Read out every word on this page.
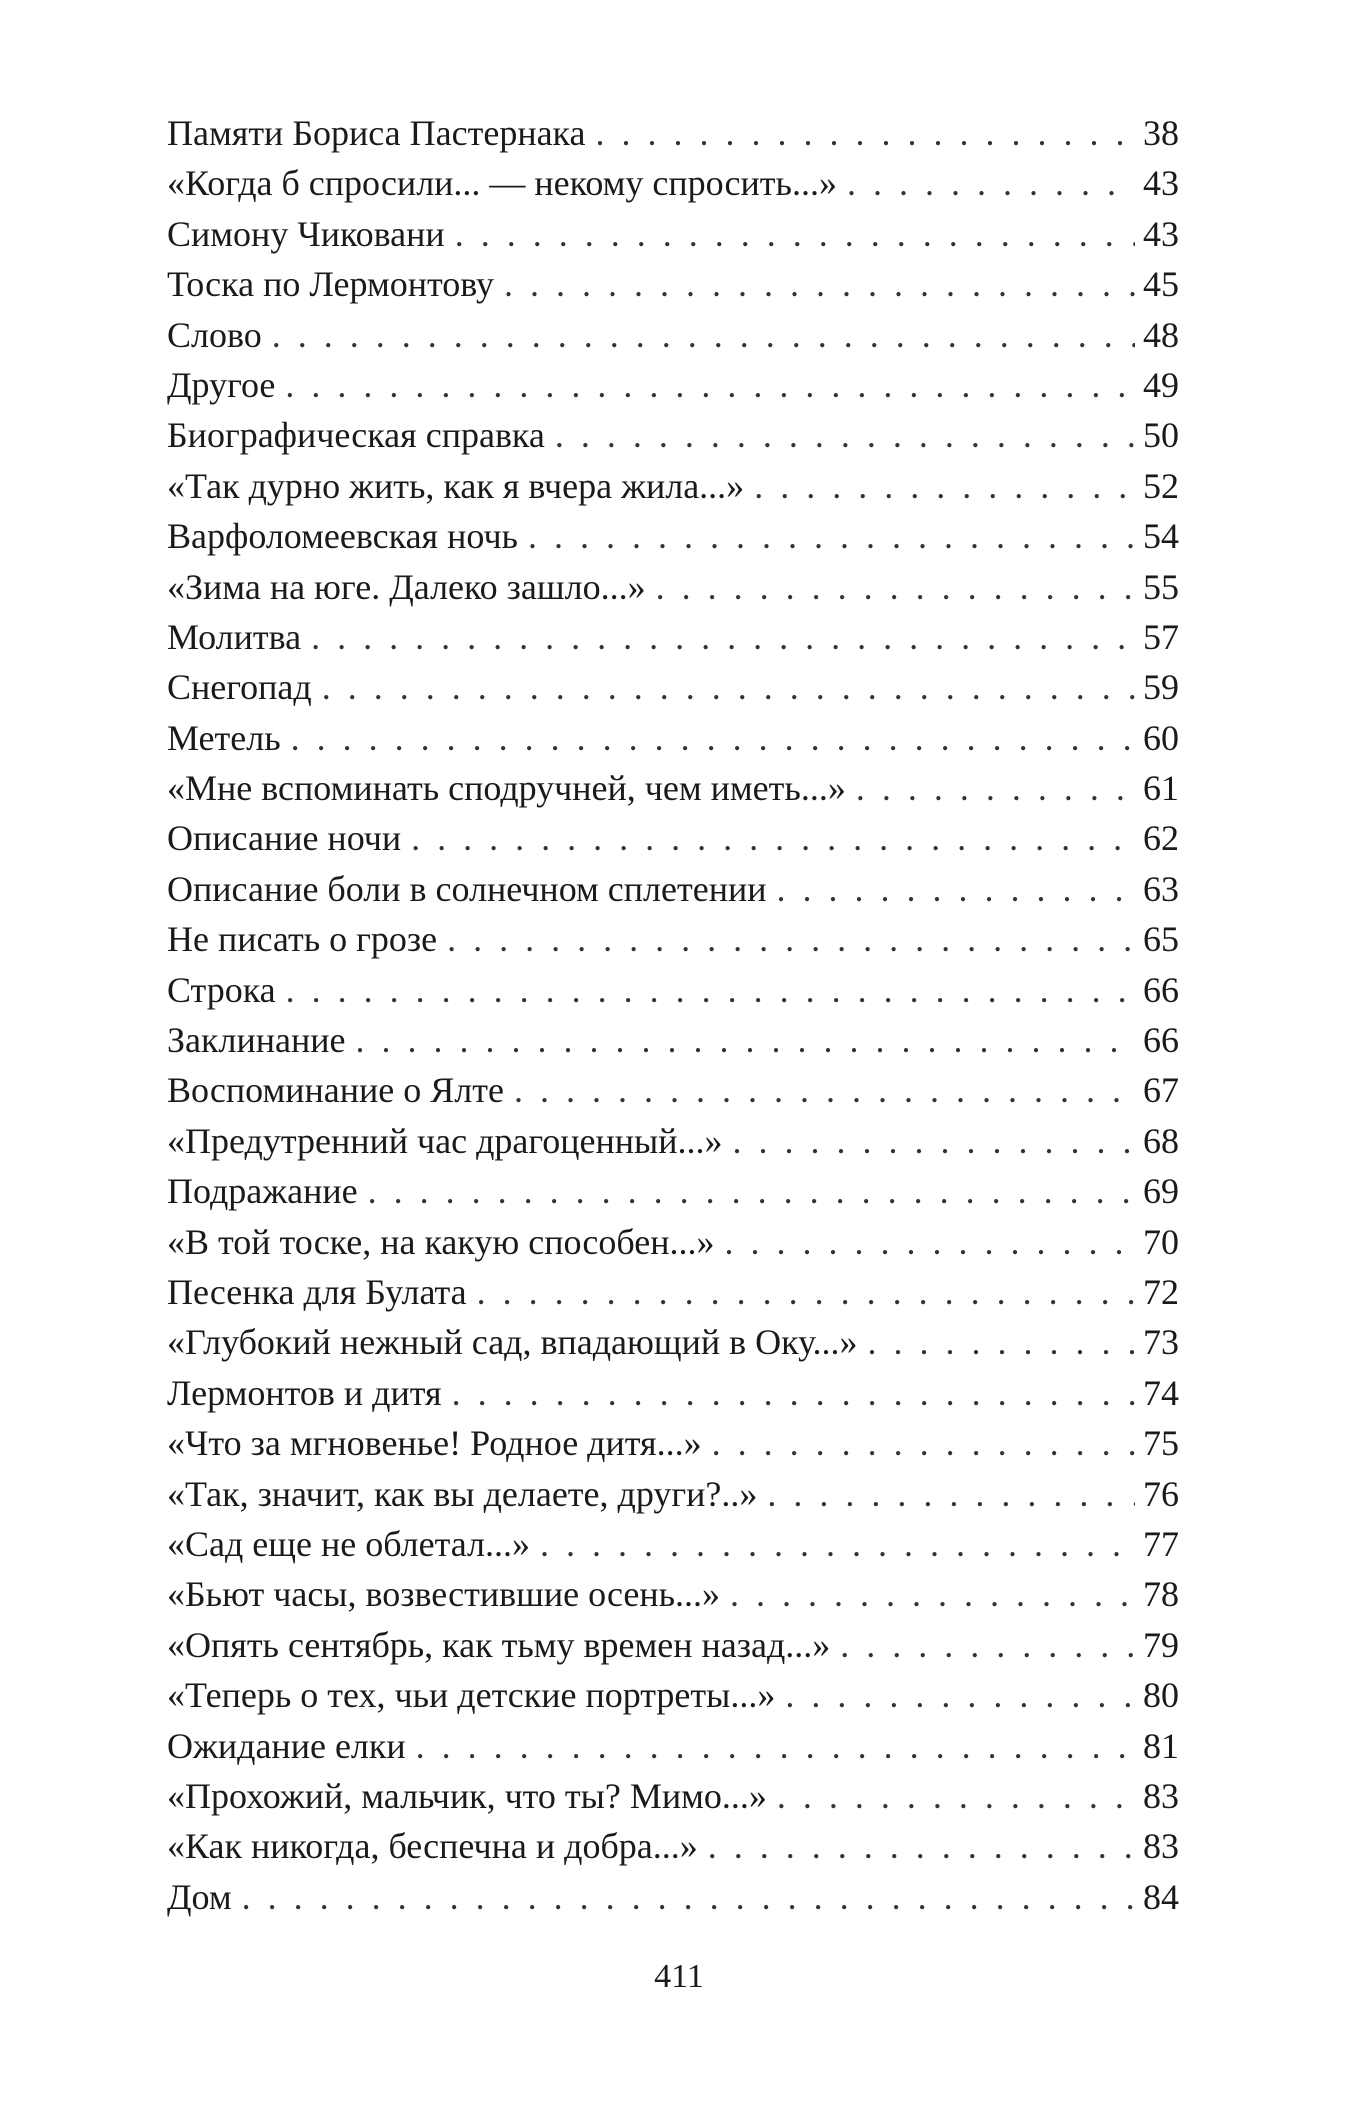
Памяти Бориса Пастернака . . .	38
«Когда б спросили... — некому спросить...» . . .	43
Симону Чиковани . . .	43
Тоска по Лермонтову . . .	45
Слово . . .	48
Другое . . .	49
Биографическая справка . . .	50
«Так дурно жить, как я вчера жила...» . . .	52
Варфоломеевская ночь . . .	54
«Зима на юге. Далеко зашло...» . . .	55
Молитва . . .	57
Снегопад . . .	59
Метель . . .	60
«Мне вспоминать сподручней, чем иметь...» . . .	61
Описание ночи . . .	62
Описание боли в солнечном сплетении . . .	63
Не писать о грозе . . .	65
Строка . . .	66
Заклинание . . .	66
Воспоминание о Ялте . . .	67
«Предутренний час драгоценный...» . . .	68
Подражание . . .	69
«В той тоске, на какую способен...» . . .	70
Песенка для Булата . . .	72
«Глубокий нежный сад, впадающий в Оку...» . . .	73
Лермонтов и дитя . . .	74
«Что за мгновенье! Родное дитя...» . . .	75
«Так, значит, как вы делаете, други?..» . . .	76
«Сад еще не облетал...» . . .	77
«Бьют часы, возвестившие осень...» . . .	78
«Опять сентябрь, как тьму времен назад...» . . .	79
«Теперь о тех, чьи детские портреты...» . . .	80
Ожидание елки . . .	81
«Прохожий, мальчик, что ты? Мимо...» . . .	83
«Как никогда, беспечна и добра...» . . .	83
Дом . . .	84
411
